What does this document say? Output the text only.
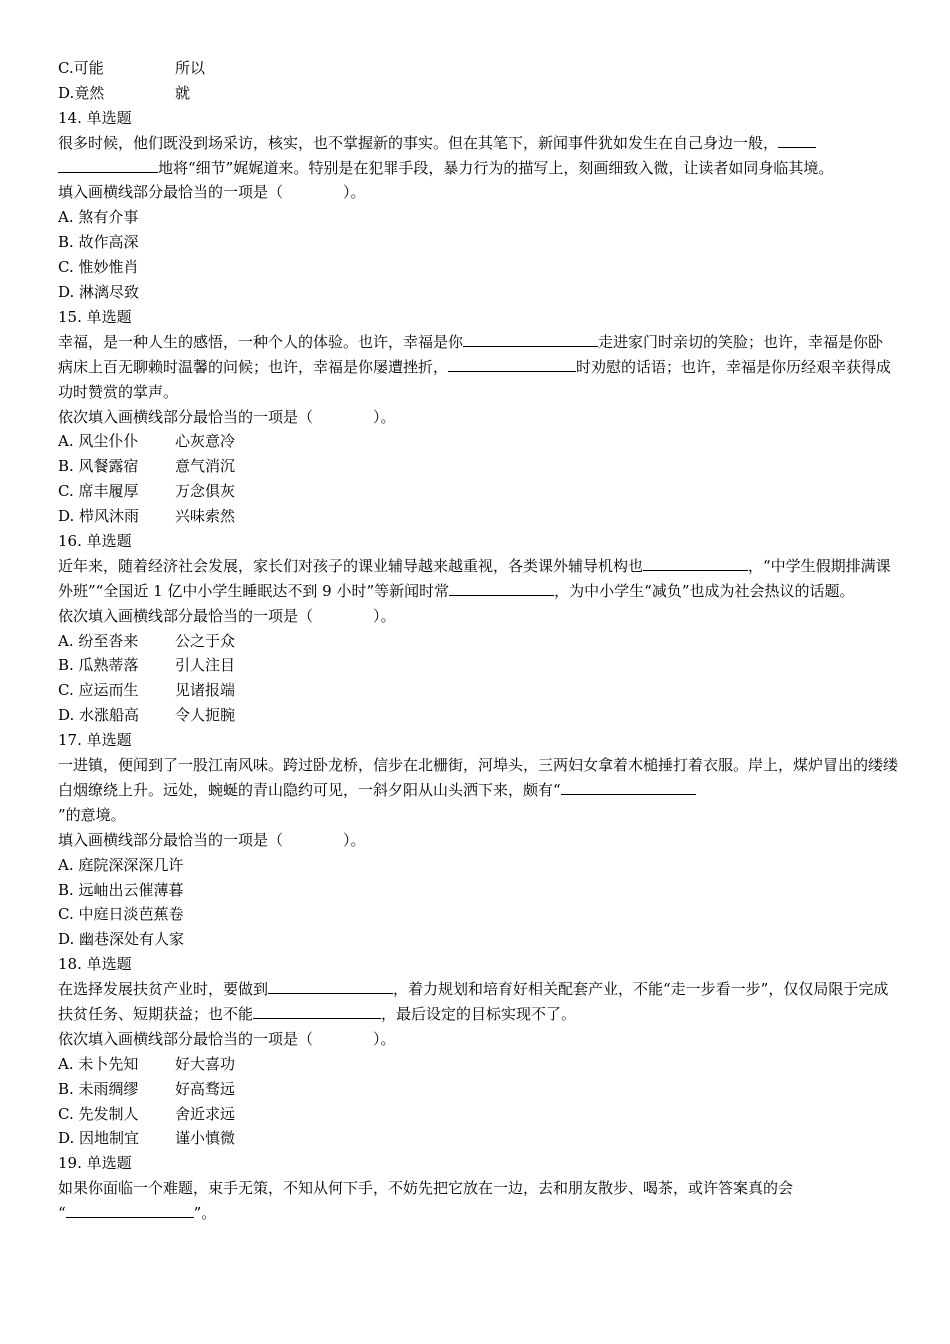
C.可能	所以
D.竟然	就
14. 单选题
很多时候，他们既没到场采访，核实，也不掌握新的事实。但在其笔下，新闻事件犹如发生在自己身边一般，
地将“细节”娓娓道来。特别是在犯罪手段，暴力行为的描写上，刻画细致入微，让读者如同身临其境。
填入画横线部分最恰当的一项是（　　　　）。
A. 煞有介事
B. 故作高深
C. 惟妙惟肖
D. 淋漓尽致
15. 单选题
幸福，是一种人生的感悟，一种个人的体验。也许，幸福是你	走进家门时亲切的笑脸；也许，幸福是你卧病床上百无聊赖时温馨的问候；也许，幸福是你屡遭挫折，	时劝慰的话语；也许，幸福是你历经艰辛获得成功时赞赏的掌声。
依次填入画横线部分最恰当的一项是（　　　　）。
A. 风尘仆仆 心灰意冷
B. 风餐露宿 意气消沉
C. 席丰履厚 万念俱灰
D. 栉风沐雨 兴味索然
16. 单选题
近年来，随着经济社会发展，家长们对孩子的课业辅导越来越重视，各类课外辅导机构也	，“中学生假期排满课外班”“全国近 1 亿中小学生睡眠达不到 9 小时”等新闻时常	，为中小学生“减负”也成为社会热议的话题。
依次填入画横线部分最恰当的一项是（　　　　）。
A. 纷至沓来 公之于众
B. 瓜熟蒂落 引人注目
C. 应运而生 见诸报端
D. 水涨船高 令人扼腕
17. 单选题
一进镇，便闻到了一股江南风味。跨过卧龙桥，信步在北栅街，河埠头，三两妇女拿着木槌捶打着衣服。岸上，煤炉冒出的缕缕白烟缭绕上升。远处，蜿蜒的青山隐约可见，一斜夕阳从山头洒下来，颇有“
”的意境。
填入画横线部分最恰当的一项是（　　　　）。
A. 庭院深深深几许
B. 远岫出云催薄暮
C. 中庭日淡芭蕉卷
D. 幽巷深处有人家
18. 单选题
在选择发展扶贫产业时，要做到	，着力规划和培育好相关配套产业，不能“走一步看一步”，仅仅局限于完成扶贫任务、短期获益；也不能	，最后设定的目标实现不了。
依次填入画横线部分最恰当的一项是（　　　　）。
A. 未卜先知 好大喜功
B. 未雨绸缪 好高骛远
C. 先发制人 舍近求远
D. 因地制宜 谨小慎微
19. 单选题
如果你面临一个难题，束手无策，不知从何下手，不妨先把它放在一边，去和朋友散步、喝茶，或许答案真的会
“	”。
